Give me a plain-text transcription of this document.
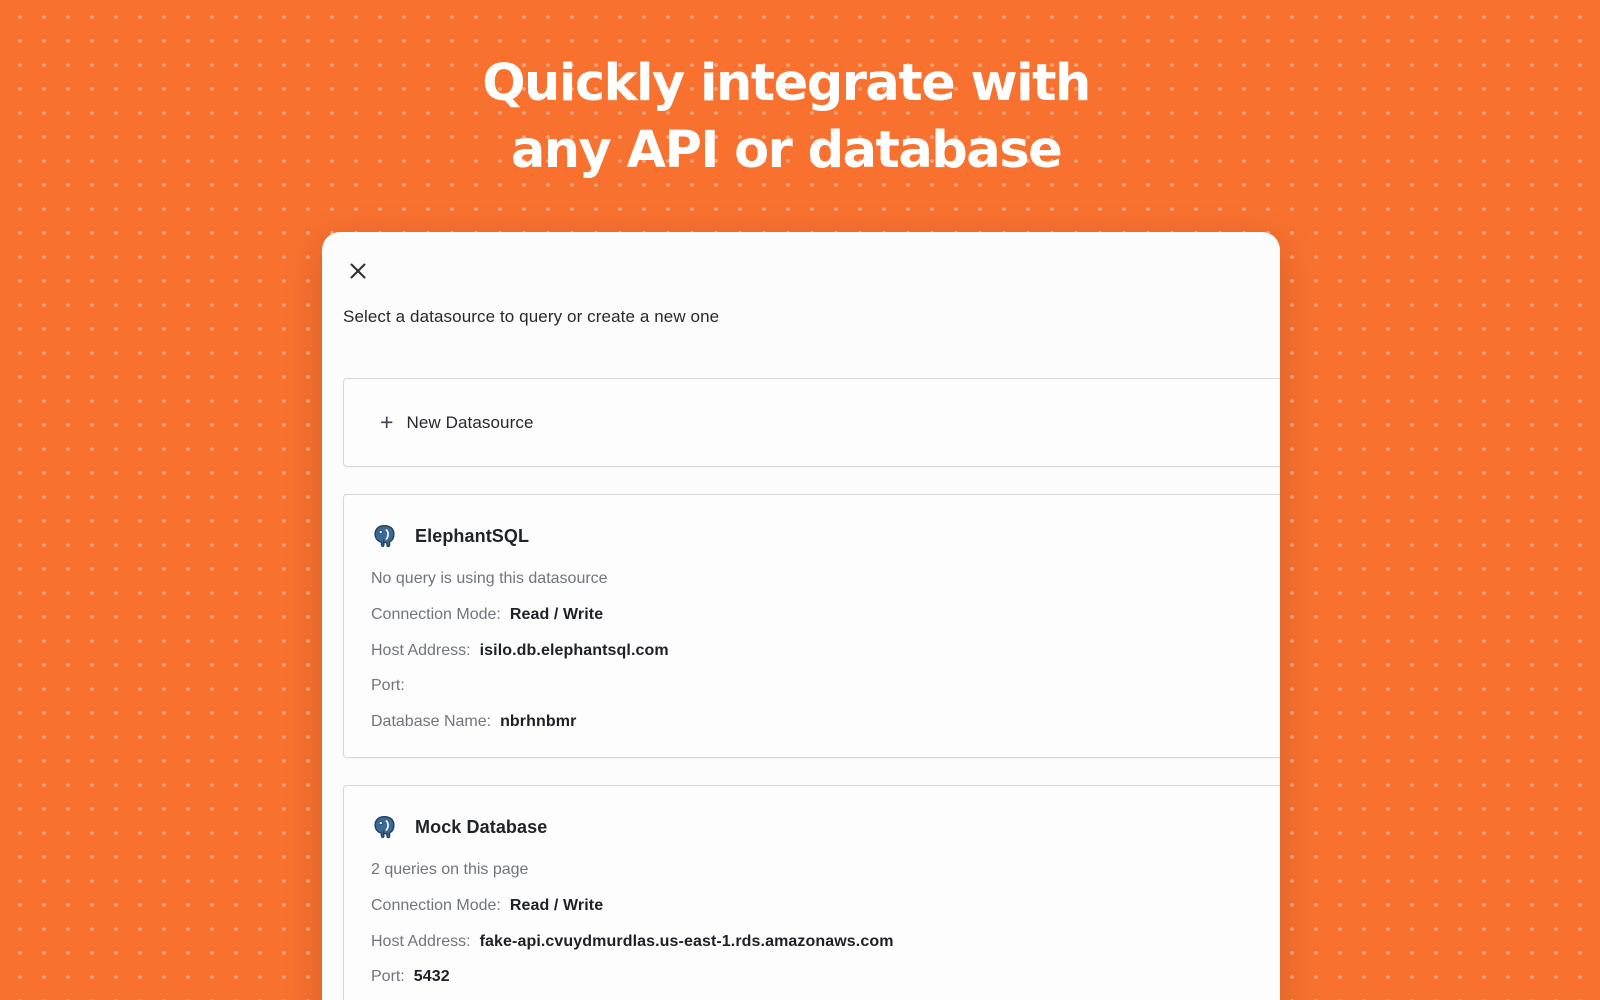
Quickly integrate with
any API or database
Select a datasource to query or create a new one
+ New Datasource
ElephantSQL
No query is using this datasource
Connection Mode: Read / Write
Host Address: isilo.db.elephantsql.com
Port:
Database Name: nbrhnbmr
Mock Database
2 queries on this page
Connection Mode: Read / Write
Host Address: fake-api.cvuydmurdlas.us-east-1.rds.amazonaws.com
Port: 5432
